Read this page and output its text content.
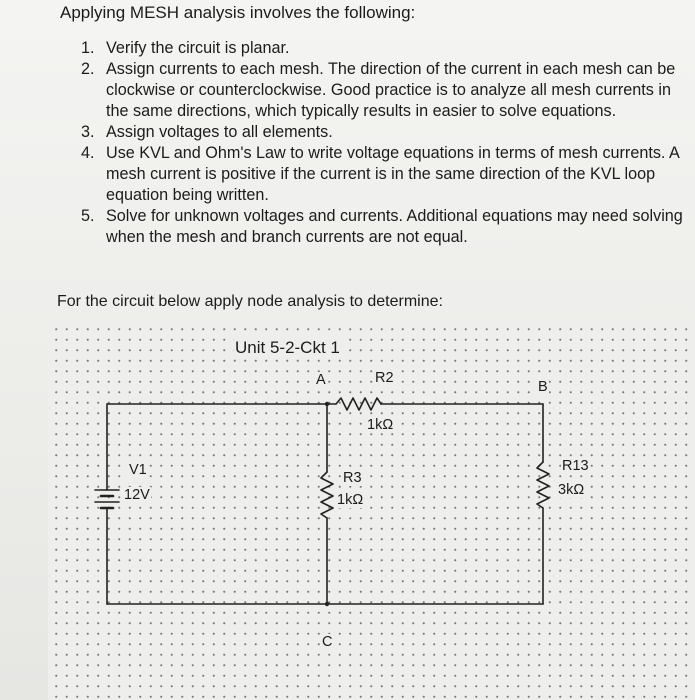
Applying MESH analysis involves the following:
1. Verify the circuit is planar.
2. Assign currents to each mesh. The direction of the current in each mesh can be clockwise or counterclockwise. Good practice is to analyze all mesh currents in the same directions, which typically results in easier to solve equations.
3. Assign voltages to all elements.
4. Use KVL and Ohm's Law to write voltage equations in terms of mesh currents. A mesh current is positive if the current is in the same direction of the KVL loop equation being written.
5. Solve for unknown voltages and currents. Additional equations may need solving when the mesh and branch currents are not equal.
For the circuit below apply node analysis to determine:
Unit 5-2-Ckt 1
A	R2
1kΩ
B
V1
12V
R3
1kΩ
R13
3kΩ
C
